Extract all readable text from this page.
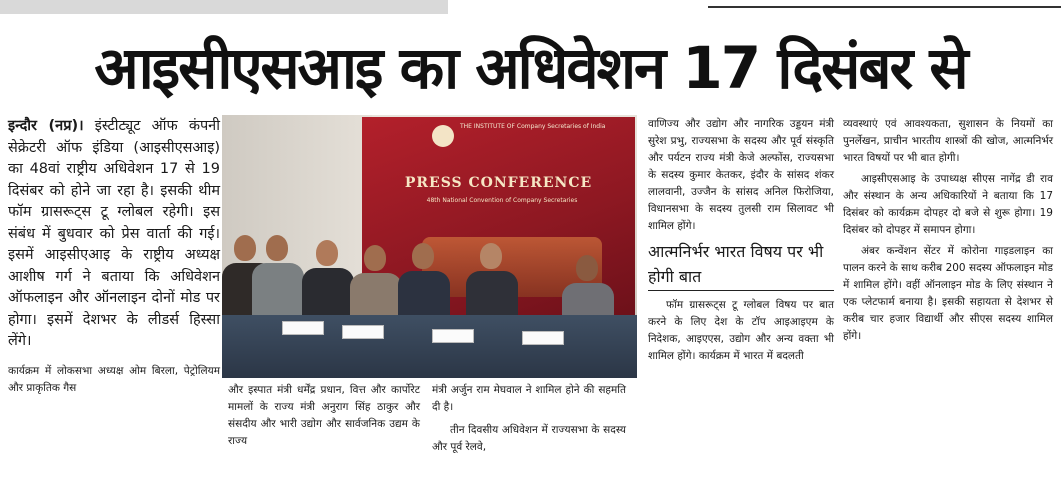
आइसीएसआइ का अधिवेशन 17 दिसंबर से

इन्दौर (नप्र)। इंस्टीट्यूट ऑफ कंपनी सेक्रेटरी ऑफ इंडिया (आइसीएसआइ) का 48वां राष्ट्रीय अधिवेशन 17 से 19 दिसंबर को होने जा रहा है। इसकी थीम फॉम ग्रासरूट्स टू ग्लोबल रहेगी। इस संबंध में बुधवार को प्रेस वार्ता की गई। इसमें आइसीएआइ के राष्ट्रीय अध्यक्ष आशीष गर्ग ने बताया कि अधिवेशन ऑफलाइन और ऑनलाइन दोनों मोड पर होगा। इसमें देशभर के लीडर्स हिस्सा लेंगे।

कार्यक्रम में लोकसभा अध्यक्ष ओम बिरला, पेट्रोलियम और प्राकृतिक गैस

THE INSTITUTE OF Company Secretaries of India
PRESS CONFERENCE
48th National Convention of Company Secretaries

और इस्पात मंत्री धर्मेंद्र प्रधान, वित्त और कार्पोरेट मामलों के राज्य मंत्री अनुराग सिंह ठाकुर और संसदीय और भारी उद्योग और सार्वजनिक उद्यम के राज्य

मंत्री अर्जुन राम मेघवाल ने शामिल होने की सहमति दी है।

तीन दिवसीय अधिवेशन में राज्यसभा के सदस्य और पूर्व रेलवे,

वाणिज्य और उद्योग और नागरिक उड्डयन मंत्री सुरेश प्रभु, राज्यसभा के सदस्य और पूर्व संस्कृति और पर्यटन राज्य मंत्री केजे अल्फोंस, राज्यसभा के सदस्य कुमार केतकर, इंदौर के सांसद शंकर लालवानी, उज्जैन के सांसद अनिल फिरोजिया, विधानसभा के सदस्य तुलसी राम सिलावट भी शामिल होंगे।

आत्मनिर्भर भारत विषय पर भी होगी बात

फॉम ग्रासरूट्स टू ग्लोबल विषय पर बात करने के लिए देश के टॉप आइआइएम के निदेशक, आइएएस, उद्योग और अन्य वक्ता भी शामिल होंगे। कार्यक्रम में भारत में बदलती

व्यवस्थाएं एवं आवश्यकता, सुशासन के नियमों का पुनर्लेखन, प्राचीन भारतीय शास्त्रों की खोज, आत्मनिर्भर भारत विषयों पर भी बात होगी।

आइसीएसआइ के उपाध्यक्ष सीएस नागेंद्र डी राव और संस्थान के अन्य अधिकारियों ने बताया कि 17 दिसंबर को कार्यक्रम दोपहर दो बजे से शुरू होगा। 19 दिसंबर को दोपहर में समापन होगा।

अंबर कन्वेंशन सेंटर में कोरोना गाइडलाइन का पालन करने के साथ करीब 200 सदस्य ऑफलाइन मोड में शामिल होंगे। वहीं ऑनलाइन मोड के लिए संस्थान ने एक प्लेटफार्म बनाया है। इसकी सहायता से देशभर से करीब चार हजार विद्यार्थी और सीएस सदस्य शामिल होंगे।
